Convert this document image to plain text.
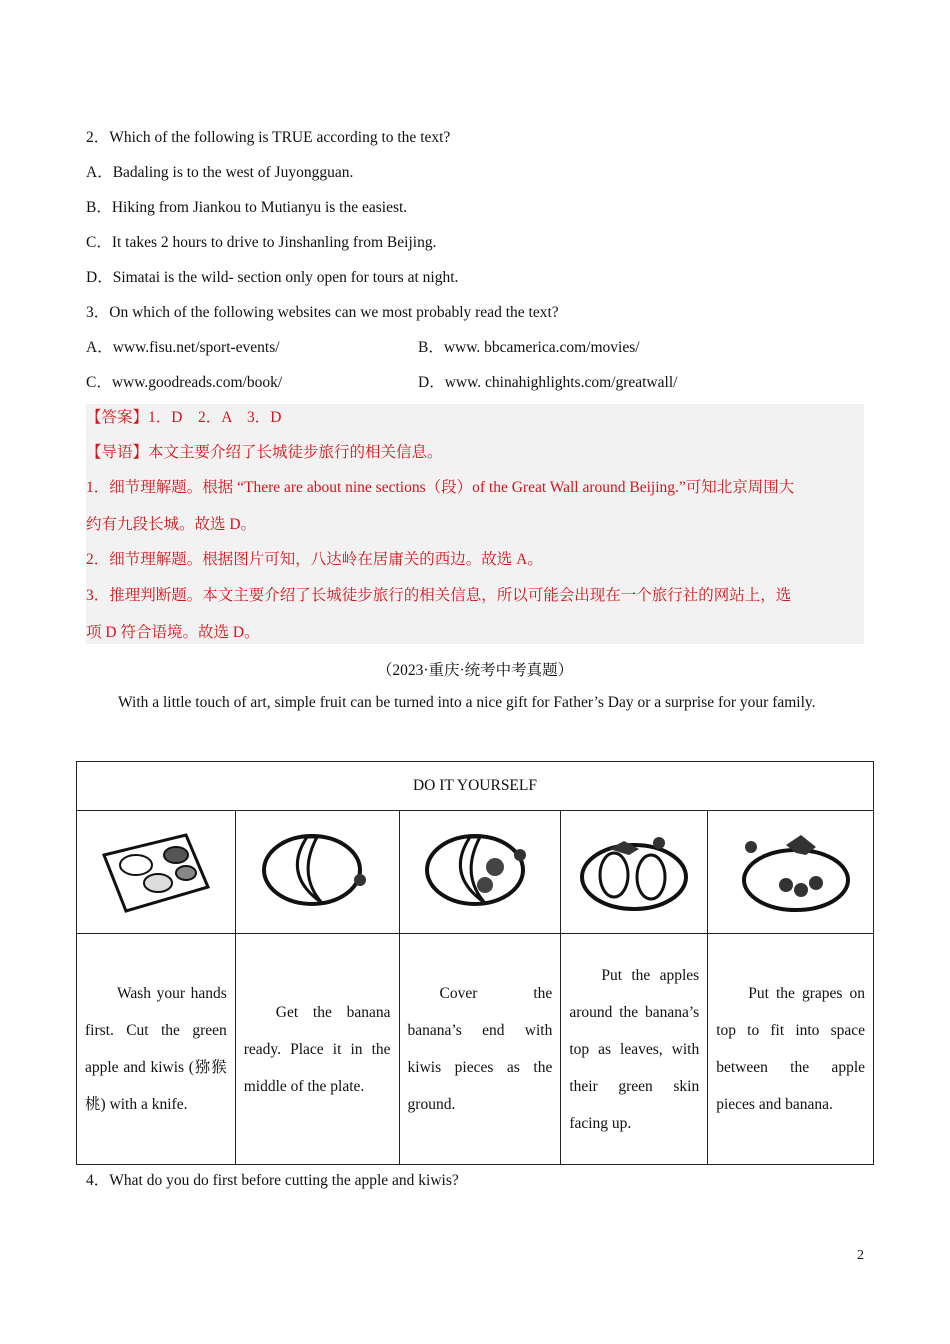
2．Which of the following is TRUE according to the text?
A．Badaling is to the west of Juyongguan.
B．Hiking from Jiankou to Mutianyu is the easiest.
C．It takes 2 hours to drive to Jinshanling from Beijing.
D．Simatai is the wild- section only open for tours at night.
3．On which of the following websites can we most probably read the text?
A．www.fisu.net/sport-events/	B．www. bbcamerica.com/movies/
C．www.goodreads.com/book/	D．www. chinahighlights.com/greatwall/
【答案】1．D　2．A　3．D
【导语】本文主要介绍了长城徒步旅行的相关信息。
1．细节理解题。根据 “There are about nine sections（段）of the Great Wall around Beijing.”可知北京周围大
约有九段长城。故选 D。
2．细节理解题。根据图片可知，八达岭在居庸关的西边。故选 A。
3．推理判断题。本文主要介绍了长城徒步旅行的相关信息，所以可能会出现在一个旅行社的网站上，选
项 D 符合语境。故选 D。
（2023·重庆·统考中考真题）
With a little touch of art, simple fruit can be turned into a nice gift for Father’s Day or a surprise for your family.
DO IT YOURSELF				

Wash your hands first. Cut the green apple and kiwis (猕猴桃) with a knife.	Get the banana ready. Place it in the middle of the plate.	Cover the banana’s end with kiwis pieces as the ground.	Put the apples around the banana’s top as leaves, with their green skin facing up.	Put the grapes on top to fit into space between the apple pieces and banana.
4．What do you do first before cutting the apple and kiwis?
2
